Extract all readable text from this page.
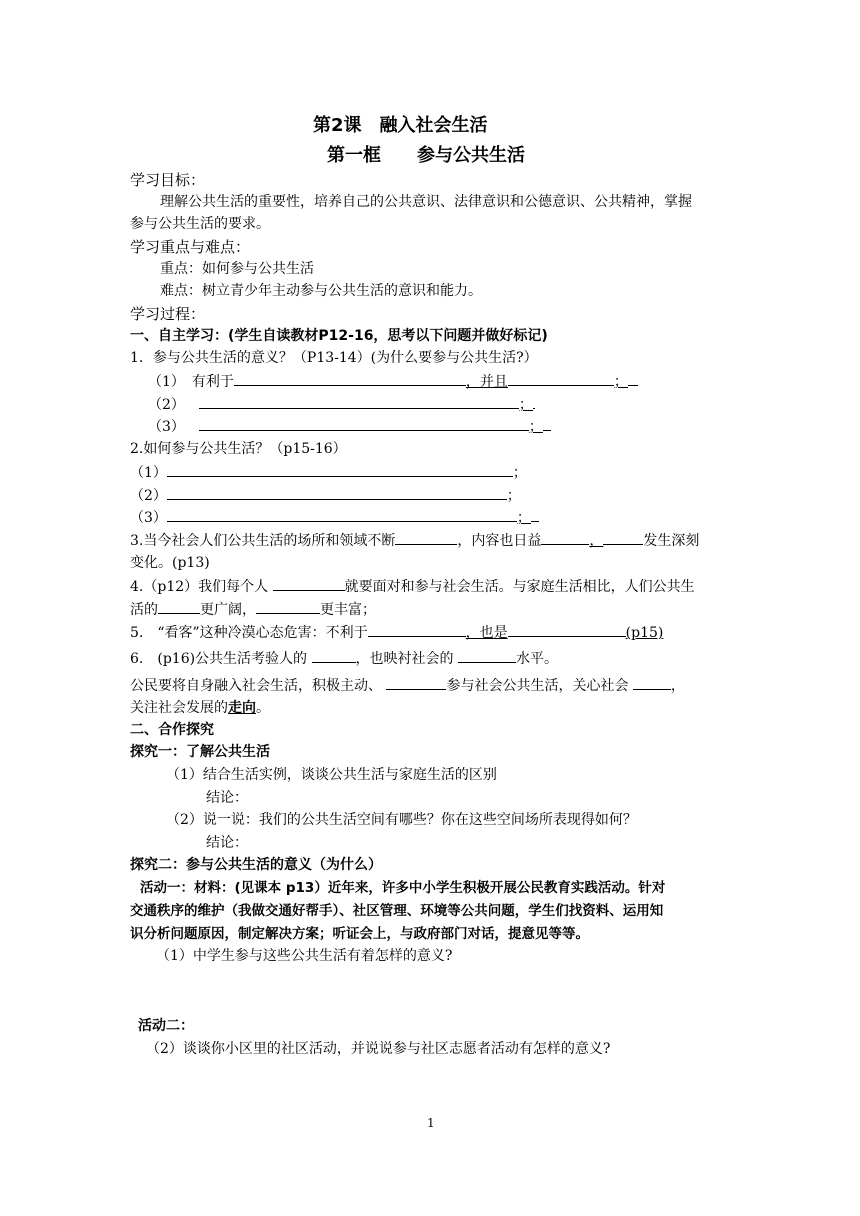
第2课　融入社会生活
第一框　　参与公共生活
学习目标：
理解公共生活的重要性，培养自己的公共意识、法律意识和公德意识、公共精神，掌握
参与公共生活的要求。
学习重点与难点：
重点：如何参与公共生活
难点：树立青少年主动参与公共生活的意识和能力。
学习过程：
一、自主学习：(学生自读教材P12-16，思考以下问题并做好标记)
1．参与公共生活的意义？（P13-14）(为什么要参与公共生活?）
（1）　有利于	，并且	；
（2）	；
（3）	；
2.如何参与公共生活？（p15-16）
（1）	；
（2）	；
（3）	；
3.当今社会人们公共生活的场所和领域不断	，内容也日益	，	发生深刻
变化。(p13)
4.（p12）我们每个人	就要面对和参与社会生活。与家庭生活相比，人们公共生
活的	更广阔，	更丰富；
5.　“看客”这种冷漠心态危害：不利于	，也是	(p15)
6.　(p16)公共生活考验人的	，也映衬社会的	水平。
公民要将自身融入社会生活，积极主动、	参与社会公共生活，关心社会	，
关注社会发展的走向。
二、合作探究
探究一：了解公共生活
（1）结合生活实例，谈谈公共生活与家庭生活的区别
结论：
（2）说一说：我们的公共生活空间有哪些？你在这些空间场所表现得如何？
结论：
探究二：参与公共生活的意义（为什么）
活动一：材料：(见课本 p13）近年来，许多中小学生积极开展公民教育实践活动。针对
交通秩序的维护（我做交通好帮手）、社区管理、环境等公共问题，学生们找资料、运用知
识分析问题原因，制定解决方案；听证会上，与政府部门对话，提意见等等。
（1）中学生参与这些公共生活有着怎样的意义?
活动二：
（2）谈谈你小区里的社区活动，并说说参与社区志愿者活动有怎样的意义?
1
